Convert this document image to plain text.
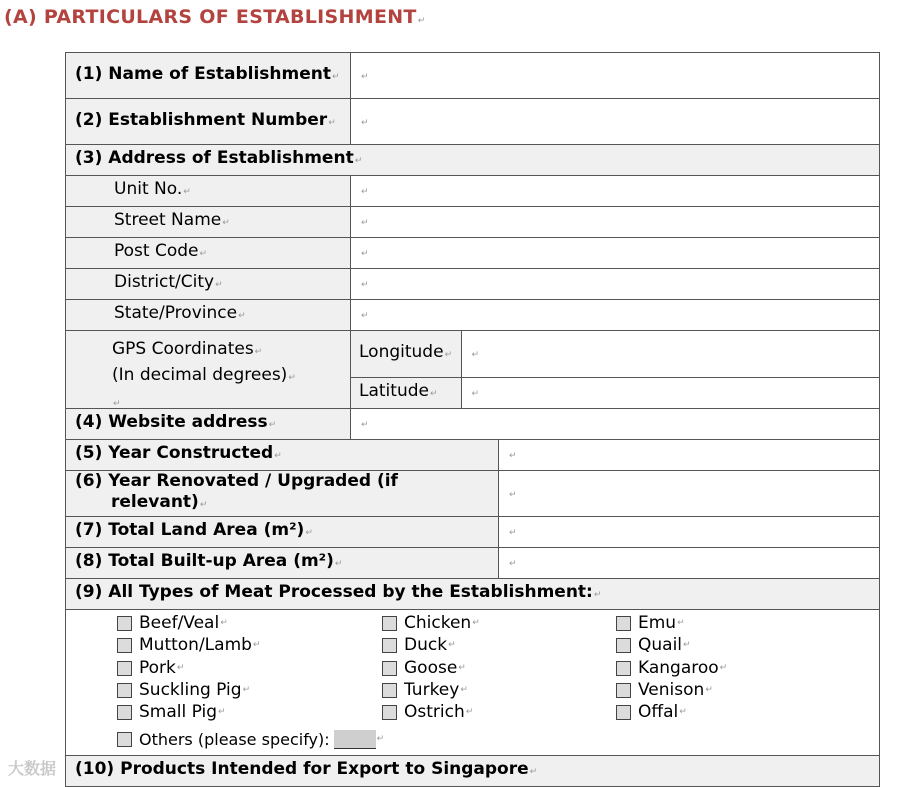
(A) PARTICULARS OF ESTABLISHMENT↵
(1) Name of Establishment↵	↵
(2) Establishment Number↵	↵
(3) Address of Establishment↵
Unit No.↵	↵
Street Name↵	↵
Post Code↵	↵
District/City↵	↵
State/Province↵	↵

GPS Coordinates↵
(In decimal degrees)↵
↵

Longitude↵	↵
Latitude↵	↵

(4) Website address↵	↵
(5) Year Constructed↵	↵

(6) Year Renovated / Upgraded (if
relevant)↵
	↵
(7) Total Land Area (m²)↵	↵
(8) Total Built-up Area (m²)↵	↵
(9) All Types of Meat Processed by the Establishment:↵

Beef/Veal ↵
Mutton/Lamb ↵
Pork ↵
Suckling Pig ↵
Small Pig ↵
Chicken ↵
Duck ↵
Goose ↵
Turkey ↵
Ostrich ↵
Emu ↵
Quail ↵
Kangaroo ↵
Venison ↵
Offal ↵
Others (please specify):	↵

(10) Products Intended for Export to Singapore↵
大数据
